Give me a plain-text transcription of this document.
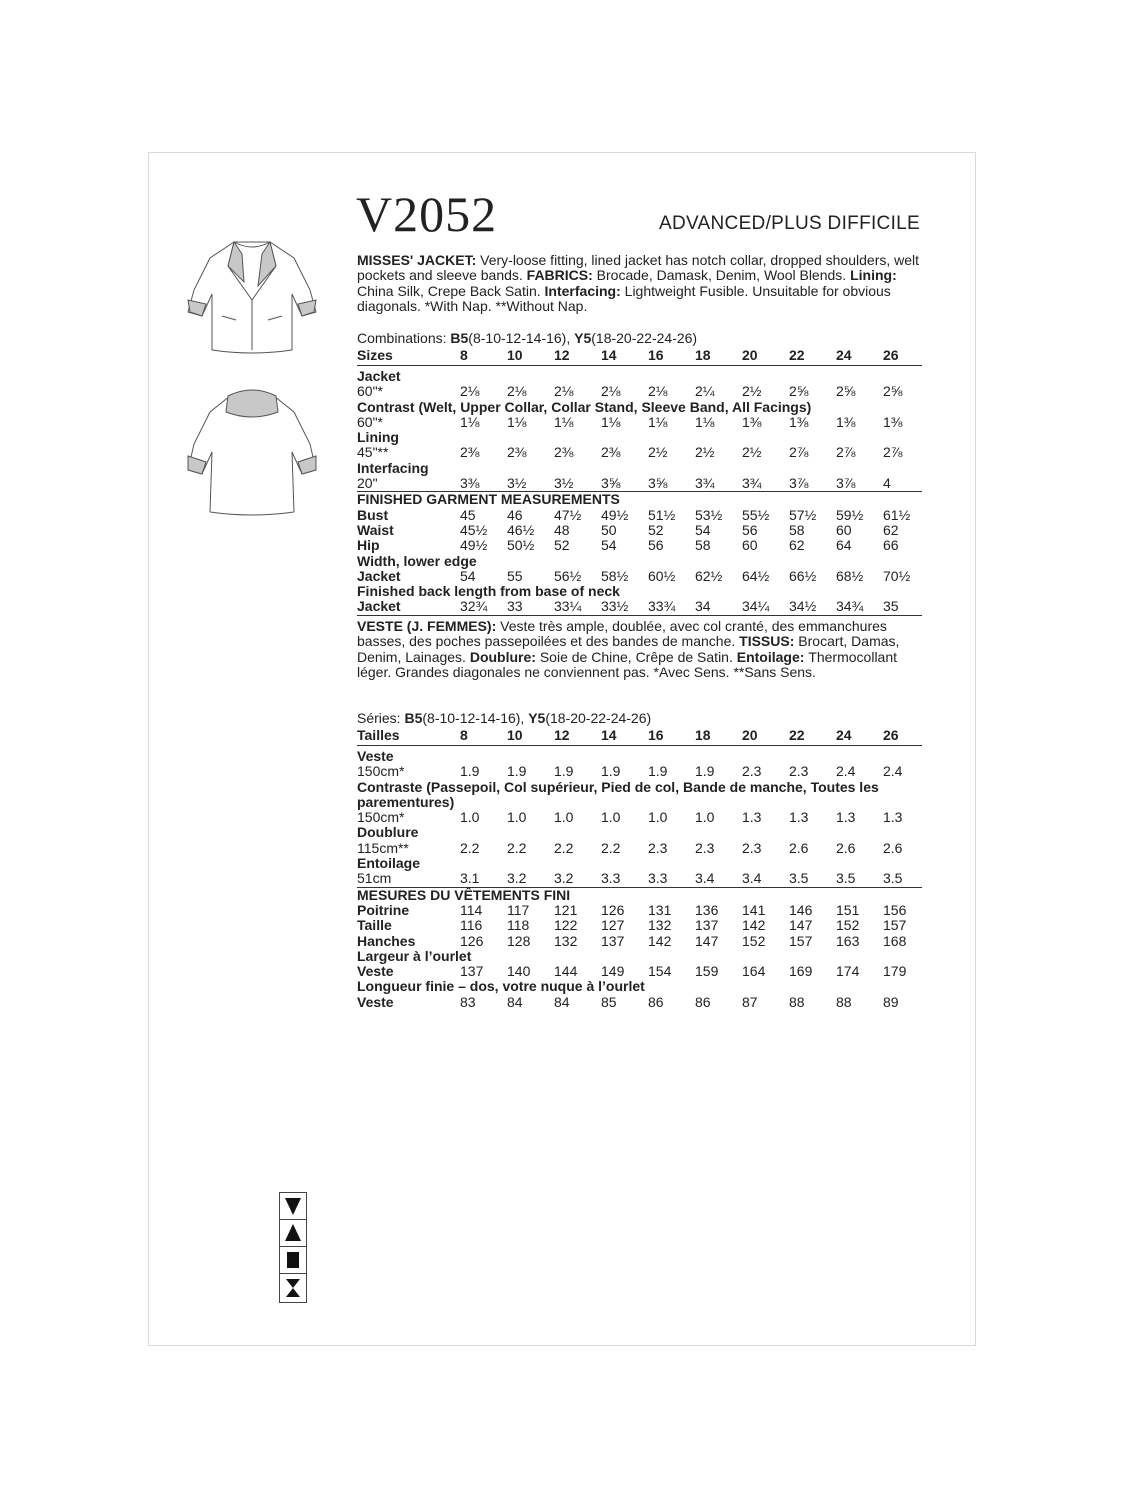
V2052	ADVANCED/PLUS DIFFICILE
MISSES' JACKET: Very-loose fitting, lined jacket has notch collar, dropped shoulders, welt pockets and sleeve bands. FABRICS: Brocade, Damask, Denim, Wool Blends. Lining: China Silk, Crepe Back Satin. Interfacing: Lightweight Fusible. Unsuitable for obvious diagonals. *With Nap. **Without Nap.
Combinations: B5(8-10-12-14-16), Y5(18-20-22-24-26)
Sizes	8	10 12 14 16 18 20 22 24 26
Jacket
60"*	2⅛ 2⅛ 2⅛ 2⅛ 2⅛ 2¼ 2½ 2⅝ 2⅝ 2⅝
Contrast (Welt, Upper Collar, Collar Stand, Sleeve Band, All Facings)
60"*	1⅛ 1⅛ 1⅛ 1⅛ 1⅛ 1⅛ 1⅜ 1⅜ 1⅜ 1⅜
Lining
45"**	2⅜ 2⅜ 2⅜ 2⅜ 2½ 2½ 2½ 2⅞ 2⅞ 2⅞
Interfacing
20"	3⅜ 3½ 3½ 3⅝ 3⅝ 3¾ 3¾ 3⅞ 3⅞ 4
FINISHED GARMENT MEASUREMENTS
Bust	45 46 47½ 49½ 51½ 53½ 55½ 57½ 59½ 61½
Waist	45½ 46½ 48 50 52 54 56 58 60 62
Hip	49½ 50½ 52 54 56 58 60 62 64 66
Width, lower edge
Jacket	54 55 56½ 58½ 60½ 62½ 64½ 66½ 68½ 70½
Finished back length from base of neck
Jacket	32¾ 33 33¼ 33½ 33¾ 34 34¼ 34½ 34¾ 35
VESTE (J. FEMMES): Veste très ample, doublée, avec col cranté, des emmanchures basses, des poches passepoilées et des bandes de manche. TISSUS: Brocart, Damas, Denim, Lainages. Doublure: Soie de Chine, Crêpe de Satin. Entoilage: Thermocollant léger. Grandes diagonales ne conviennent pas. *Avec Sens. **Sans Sens.
Séries: B5(8-10-12-14-16), Y5(18-20-22-24-26)
Tailles	8	10 12 14 16 18 20 22 24 26
Veste
150cm*	1.9 1.9 1.9 1.9 1.9 1.9 2.3 2.3 2.4 2.4
Contraste (Passepoil, Col supérieur, Pied de col, Bande de manche, Toutes les
parementures)
150cm*	1.0 1.0 1.0 1.0 1.0 1.0 1.3 1.3 1.3 1.3
Doublure
115cm**	2.2 2.2 2.2 2.2 2.3 2.3 2.3 2.6 2.6 2.6
Entoilage
51cm	3.1 3.2 3.2 3.3 3.3 3.4 3.4 3.5 3.5 3.5
MESURES DU VÊTEMENTS FINI
Poitrine	114 117 121 126 131 136 141 146 151 156
Taille	116 118 122 127 132 137 142 147 152 157
Hanches	126 128 132 137 142 147 152 157 163 168
Largeur à l’ourlet
Veste	137 140 144 149 154 159 164 169 174 179
Longueur finie – dos, votre nuque à l’ourlet
Veste	83 84 84 85 86 86 87 88 88 89
